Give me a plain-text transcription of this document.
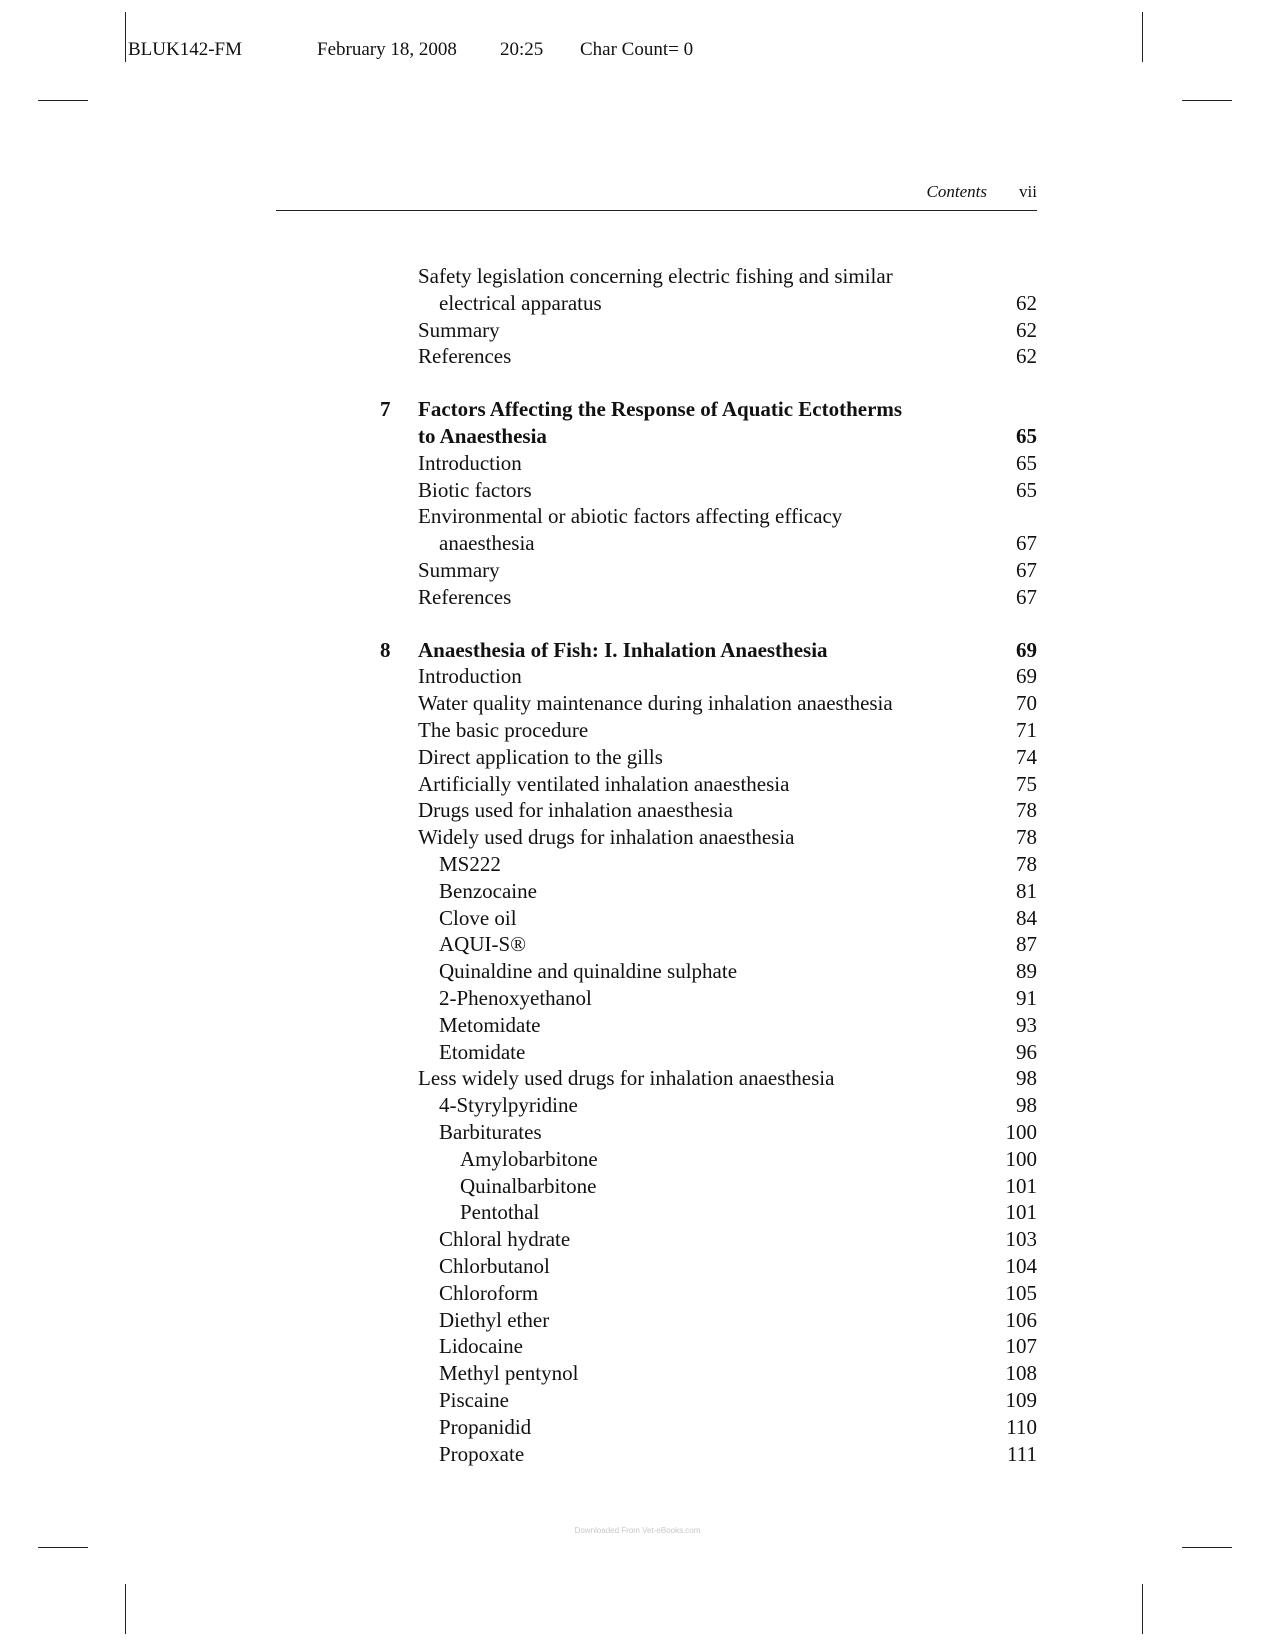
BLUK142-FM	February 18, 2008 20:25 Char Count= 0
Contents vii
Safety legislation concerning electric fishing and similar
electrical apparatus	62
Summary	62
References	62
7	Factors Affecting the Response of Aquatic Ectotherms
to Anaesthesia	65
Introduction	65
Biotic factors	65
Environmental or abiotic factors affecting efficacy
anaesthesia	67
Summary	67
References	67
8	Anaesthesia of Fish: I. Inhalation Anaesthesia	69
Introduction	69
Water quality maintenance during inhalation anaesthesia	70
The basic procedure	71
Direct application to the gills	74
Artificially ventilated inhalation anaesthesia	75
Drugs used for inhalation anaesthesia	78
Widely used drugs for inhalation anaesthesia	78
MS222	78
Benzocaine	81
Clove oil	84
AQUI-S®	87
Quinaldine and quinaldine sulphate	89
2-Phenoxyethanol	91
Metomidate	93
Etomidate	96
Less widely used drugs for inhalation anaesthesia	98
4-Styrylpyridine	98
Barbiturates	100
Amylobarbitone	100
Quinalbarbitone	101
Pentothal	101
Chloral hydrate	103
Chlorbutanol	104
Chloroform	105
Diethyl ether	106
Lidocaine	107
Methyl pentynol	108
Piscaine	109
Propanidid	110
Propoxate	111
Downloaded From Vet-eBooks.com
